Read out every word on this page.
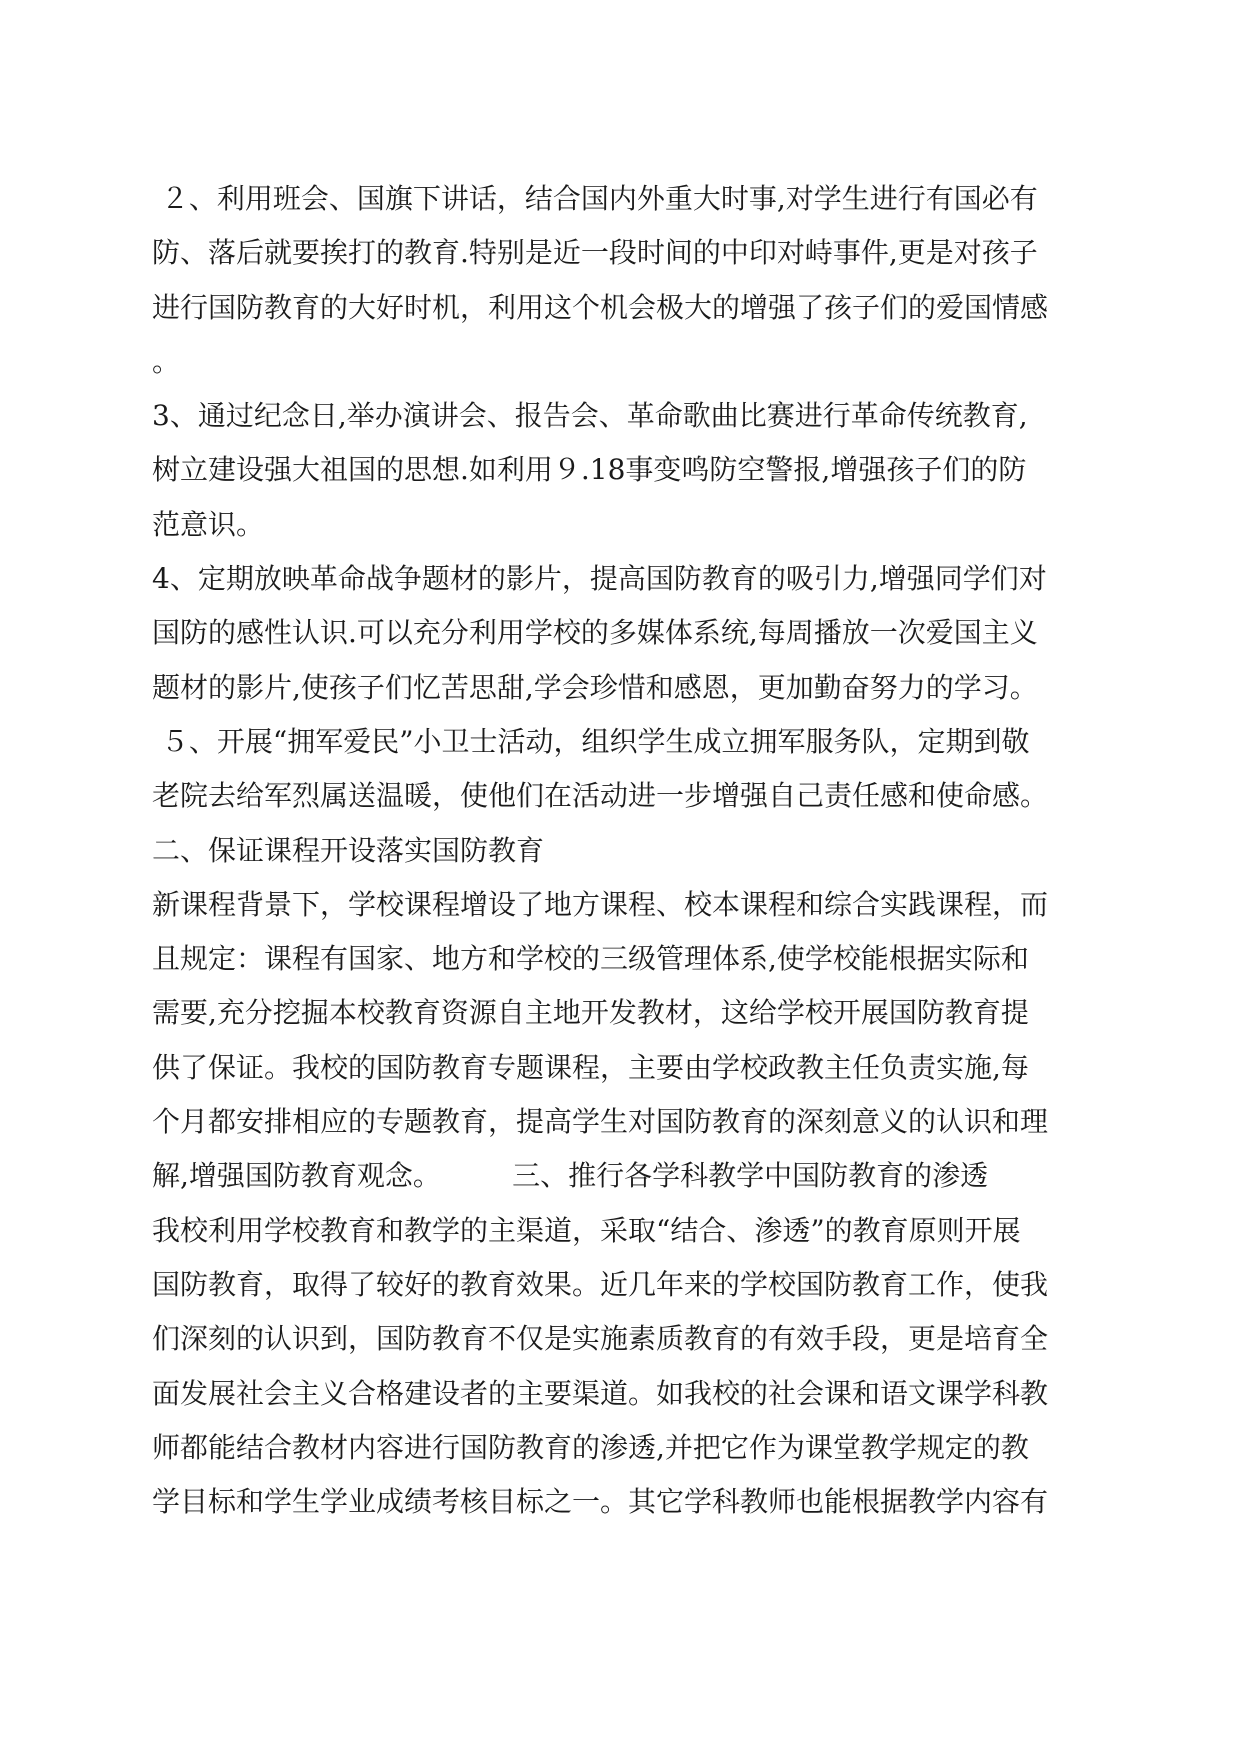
２、利用班会、国旗下讲话，结合国内外重大时事,对学生进行有国必有
防、落后就要挨打的教育.特别是近一段时间的中印对峙事件,更是对孩子
进行国防教育的大好时机，利用这个机会极大的增强了孩子们的爱国情感
。
3、通过纪念日,举办演讲会、报告会、革命歌曲比赛进行革命传统教育,
树立建设强大祖国的思想.如利用９.18事变鸣防空警报,增强孩子们的防
范意识。
4、定期放映革命战争题材的影片，提高国防教育的吸引力,增强同学们对
国防的感性认识.可以充分利用学校的多媒体系统,每周播放一次爱国主义
题材的影片,使孩子们忆苦思甜,学会珍惜和感恩，更加勤奋努力的学习。
５、开展“拥军爱民”小卫士活动，组织学生成立拥军服务队，定期到敬
老院去给军烈属送温暖，使他们在活动进一步增强自己责任感和使命感。
二、保证课程开设落实国防教育
新课程背景下，学校课程增设了地方课程、校本课程和综合实践课程，而
且规定：课程有国家、地方和学校的三级管理体系,使学校能根据实际和
需要,充分挖掘本校教育资源自主地开发教材，这给学校开展国防教育提
供了保证。我校的国防教育专题课程，主要由学校政教主任负责实施,每
个月都安排相应的专题教育，提高学生对国防教育的深刻意义的认识和理
解,增强国防教育观念。        三、推行各学科教学中国防教育的渗透
我校利用学校教育和教学的主渠道，采取“结合、渗透”的教育原则开展
国防教育，取得了较好的教育效果。近几年来的学校国防教育工作，使我
们深刻的认识到，国防教育不仅是实施素质教育的有效手段，更是培育全
面发展社会主义合格建设者的主要渠道。如我校的社会课和语文课学科教
师都能结合教材内容进行国防教育的渗透,并把它作为课堂教学规定的教
学目标和学生学业成绩考核目标之一。其它学科教师也能根据教学内容有
